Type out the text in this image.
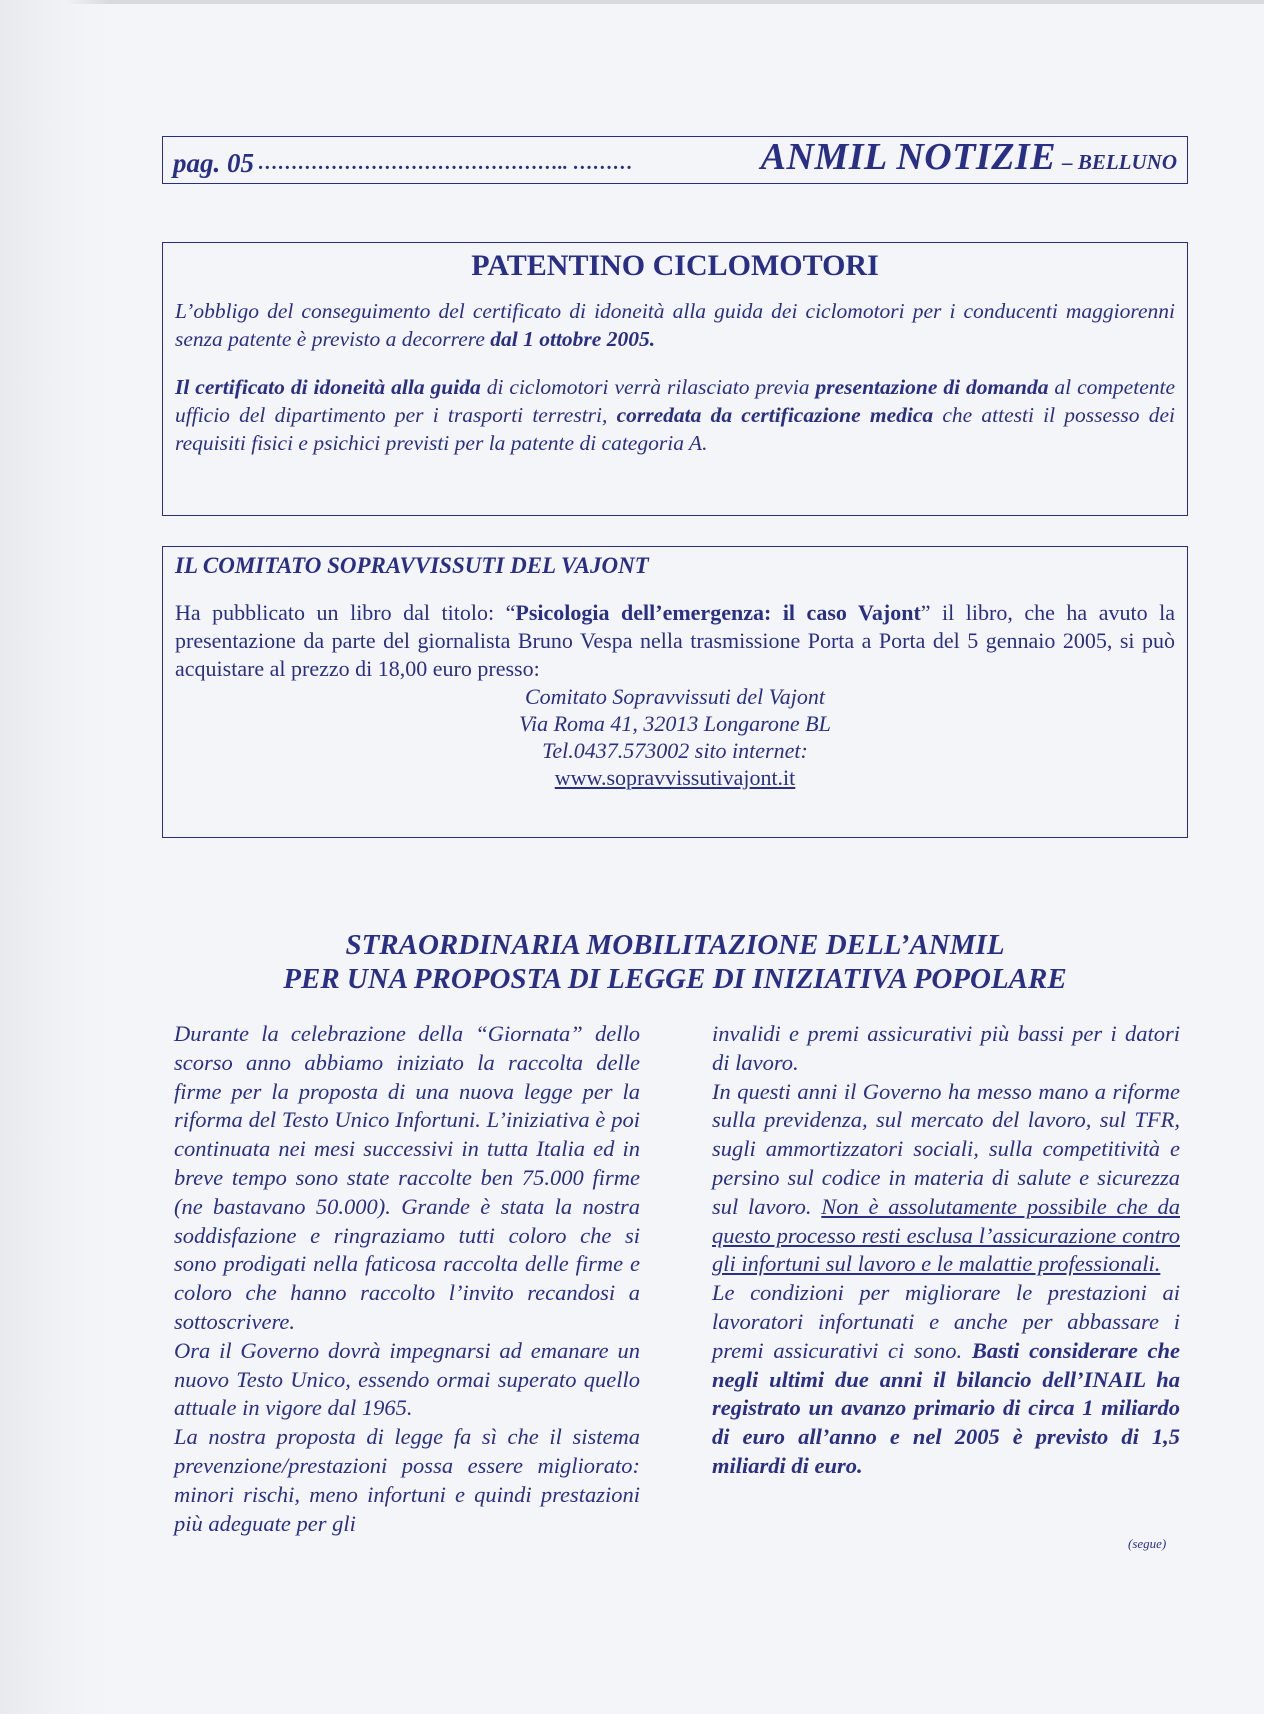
pag. 05 ……………………………………….. ………	ANMIL NOTIZIE – BELLUNO
PATENTINO CICLOMOTORI

L’obbligo del conseguimento del certificato di idoneità alla guida dei ciclomotori per i conducenti maggiorenni senza patente è previsto a decorrere dal 1 ottobre 2005.

Il certificato di idoneità alla guida di ciclomotori verrà rilasciato previa presentazione di domanda al competente ufficio del dipartimento per i trasporti terrestri, corredata da certificazione medica che attesti il possesso dei requisiti fisici e psichici previsti per la patente di categoria A.

IL COMITATO SOPRAVVISSUTI DEL VAJONT

Ha pubblicato un libro dal titolo: “Psicologia dell’emergenza: il caso Vajont” il libro, che ha avuto la presentazione da parte del giornalista Bruno Vespa nella trasmissione Porta a Porta del 5 gennaio 2005, si può acquistare al prezzo di 18,00 euro presso:

Comitato Sopravvissuti del Vajont
Via Roma 41, 32013 Longarone BL
Tel.0437.573002 sito internet:
www.sopravvissutivajont.it
STRAORDINARIA MOBILITAZIONE DELL’ANMIL
PER UNA PROPOSTA DI LEGGE DI INIZIATIVA POPOLARE

Durante la celebrazione della “Giornata” dello scorso anno abbiamo iniziato la raccolta delle firme per la proposta di una nuova legge per la riforma del Testo Unico Infortuni. L’iniziativa è poi continuata nei mesi successivi in tutta Italia ed in breve tempo sono state raccolte ben 75.000 firme (ne bastavano 50.000). Grande è stata la nostra soddisfazione e ringraziamo tutti coloro che si sono prodigati nella faticosa raccolta delle firme e coloro che hanno raccolto l’invito recandosi a sottoscrivere.

Ora il Governo dovrà impegnarsi ad emanare un nuovo Testo Unico, essendo ormai superato quello attuale in vigore dal 1965.

La nostra proposta di legge fa sì che il sistema prevenzione/prestazioni possa essere migliorato: minori rischi, meno infortuni e quindi prestazioni più adeguate per gli

invalidi e premi assicurativi più bassi per i datori di lavoro.

In questi anni il Governo ha messo mano a riforme sulla previdenza, sul mercato del lavoro, sul TFR, sugli ammortizzatori sociali, sulla competitività e persino sul codice in materia di salute e sicurezza sul lavoro. Non è assolutamente possibile che da questo processo resti esclusa l’assicurazione contro gli infortuni sul lavoro e le malattie professionali.

Le condizioni per migliorare le prestazioni ai lavoratori infortunati e anche per abbassare i premi assicurativi ci sono. Basti considerare che negli ultimi due anni il bilancio dell’INAIL ha registrato un avanzo primario di circa 1 miliardo di euro all’anno e nel 2005 è previsto di 1,5 miliardi di euro.

(segue)
